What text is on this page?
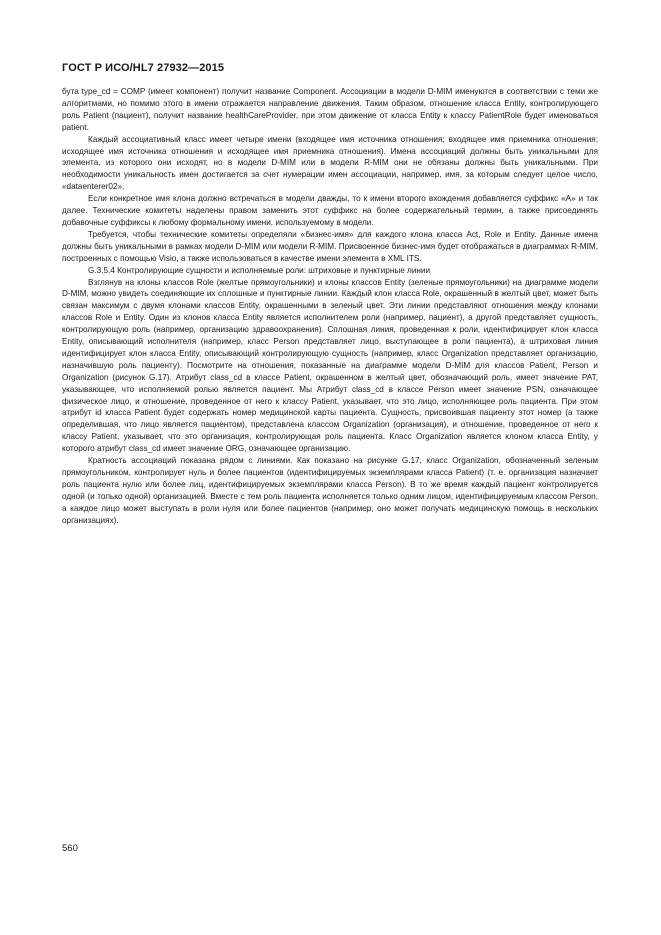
ГОСТ Р ИСО/HL7 27932—2015

бута type_cd = COMP (имеет компонент) получит название Component. Ассоциации в модели D-MIM именуются в соответствии с теми же алгоритмами, но помимо этого в имени отражается направление движения. Таким образом, отношение класса Entity, контролирующего роль Patient (пациент), получит название healthCareProvider, при этом движение от класса Entity к классу PatientRole будет именоваться patient.

Каждый ассоциативный класс имеет четыре имени (входящее имя источника отношения; входящее имя приемника отношения; исходящее имя источника отношения и исходящее имя приемника отношения). Имена ассоциаций должны быть уникальными для элемента, из которого они исходят, но в модели D-MIM или в модели R-MIM они не обязаны должны быть уникальными. При необходимости уникальность имен достигается за счет нумерации имен ассоциации, например, имя, за которым следует целое число, «dataenterer02».

Если конкретное имя клона должно встречаться в модели дважды, то к имени второго вхождения добавляется суффикс «А» и так далее. Технические комитеты наделены правом заменить этот суффикс на более содержательный термин, а также присоединять добавочные суффиксы к любому формальному имени, используемому в модели.

Требуется, чтобы технические комитеты определяли «бизнес-имя» для каждого клона класса Act, Role и Entity. Данные имена должны быть уникальными в рамках модели D-MIM или модели R-MIM. Присвоенное бизнес-имя будет отображаться в диаграммах R-MIM, построенных с помощью Visio, а также использоваться в качестве имени элемента в XML ITS.

G.3.5.4 Контролирующие сущности и исполняемые роли: штриховые и пунктирные линии

Взглянув на клоны классов Role (желтые прямоугольники) и клоны классов Entity (зеленые прямоугольники) на диаграмме модели D-MIM, можно увидеть соединяющие их сплошные и пунктирные линии. Каждый клон класса Role, окрашенный в желтый цвет, может быть связан максимум с двумя клонами классов Entity, окрашенными в зеленый цвет. Эти линии представляют отношения между клонами классов Role и Entity. Один из клонов класса Entity является исполнителем роли (например, пациент), а другой представляет сущность, контролирующую роль (например, организацию здравоохранения). Сплошная линия, проведенная к роли, идентифицирует клон класса Entity, описывающий исполнителя (например, класс Person представляет лицо, выступающее в роли пациента), а штриховая линия идентифицирует клон класса Entity, описывающий контролирующую сущность (например, класс Organization представляет организацию, назначившую роль пациенту). Посмотрите на отношения, показанные на диаграмме модели D-MIM для классов Patient, Person и Organization (рисунок G.17). Атрибут class_cd в классе Patient, окрашенном в желтый цвет, обозначающий роль, имеет значение PAT, указывающее, что исполняемой ролью является пациент. Мы Атрибут class_cd в классе Person имеет значение PSN, означающее физическое лицо, и отношение, проведенное от него к классу Patient, указывает, что это лицо, исполняющее роль пациента. При этом атрибут id класса Patient будет содержать номер медицинской карты пациента. Сущность, присвоившая пациенту этот номер (а также определившая, что лицо является пациентом), представлена классом Organization (организация), и отношение, проведенное от него к классу Patient, указывает, что это организация, контролирующая роль пациента. Класс Organization является клоном класса Entity, у которого атрибут class_cd имеет значение ORG, означающее организацию.

Кратность ассоциаций показана рядом с линиями. Как показано на рисунке G.17, класс Organization, обозначенный зеленым прямоугольником, контролирует нуль и более пациентов (идентифицируемых экземплярами класса Patient) (т. е. организация назначает роль пациента нулю или более лиц, идентифицируемых экземплярами класса Person). В то же время каждый пациент контролируется одной (и только одной) организацией. Вместе с тем роль пациента исполняется только одним лицом, идентифицируемым классом Person, а каждое лицо может выступать в роли нуля или более пациентов (например, оно может получать медицинскую помощь в нескольких организациях).

560
